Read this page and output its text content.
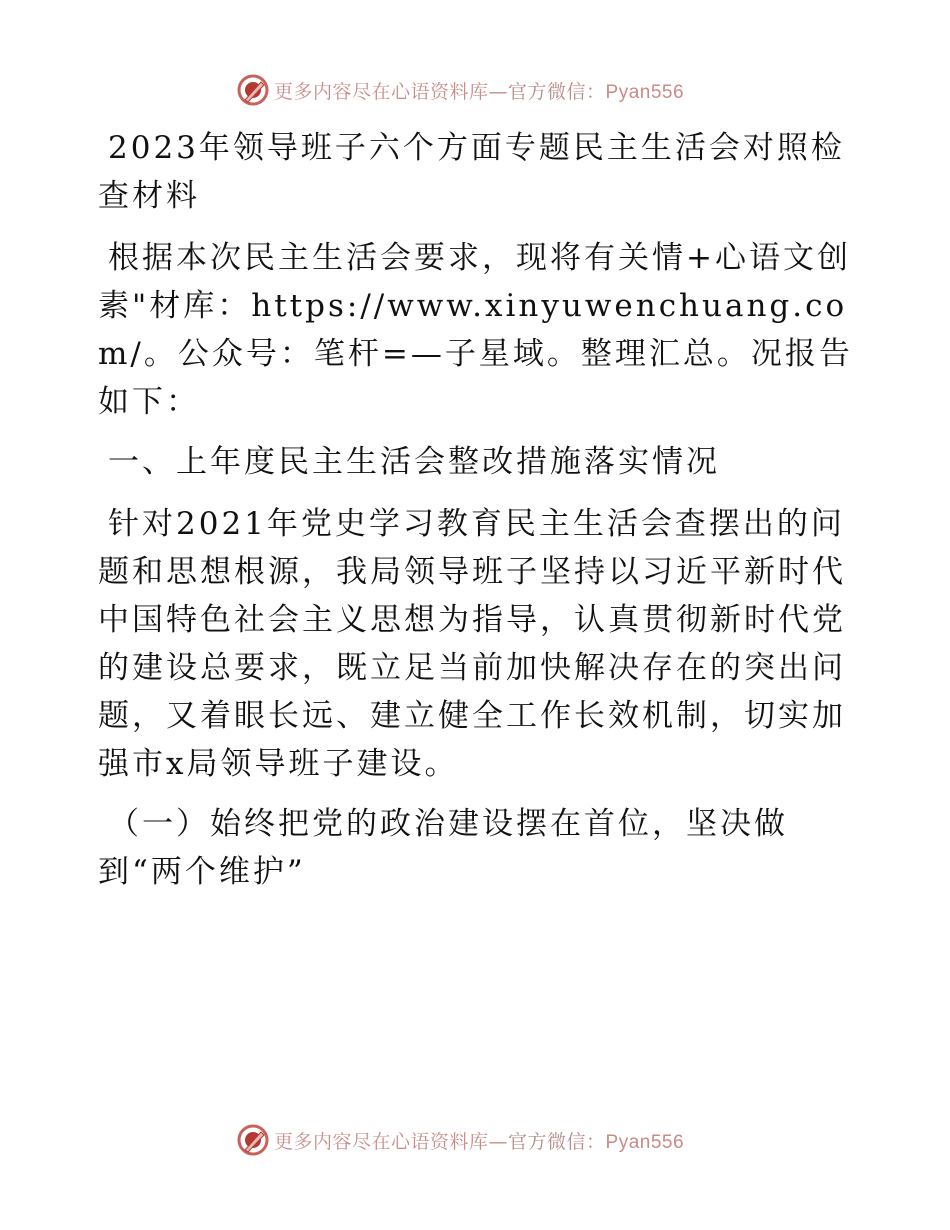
更多内容尽在心语资料库—官方微信：Pyan556

2023年领导班子六个方面专题民主生活会对照检查材料

根据本次民主生活会要求，现将有关情+心语文创素"材库：https://www.xinyuwenchuang.com/。公众号：笔杆=—子星域。整理汇总。况报告如下：

一、上年度民主生活会整改措施落实情况

针对2021年党史学习教育民主生活会查摆出的问题和思想根源，我局领导班子坚持以习近平新时代中国特色社会主义思想为指导，认真贯彻新时代党的建设总要求，既立足当前加快解决存在的突出问题，又着眼长远、建立健全工作长效机制，切实加强市x局领导班子建设。

（一）始终把党的政治建设摆在首位，坚决做到“两个维护”

更多内容尽在心语资料库—官方微信：Pyan556
